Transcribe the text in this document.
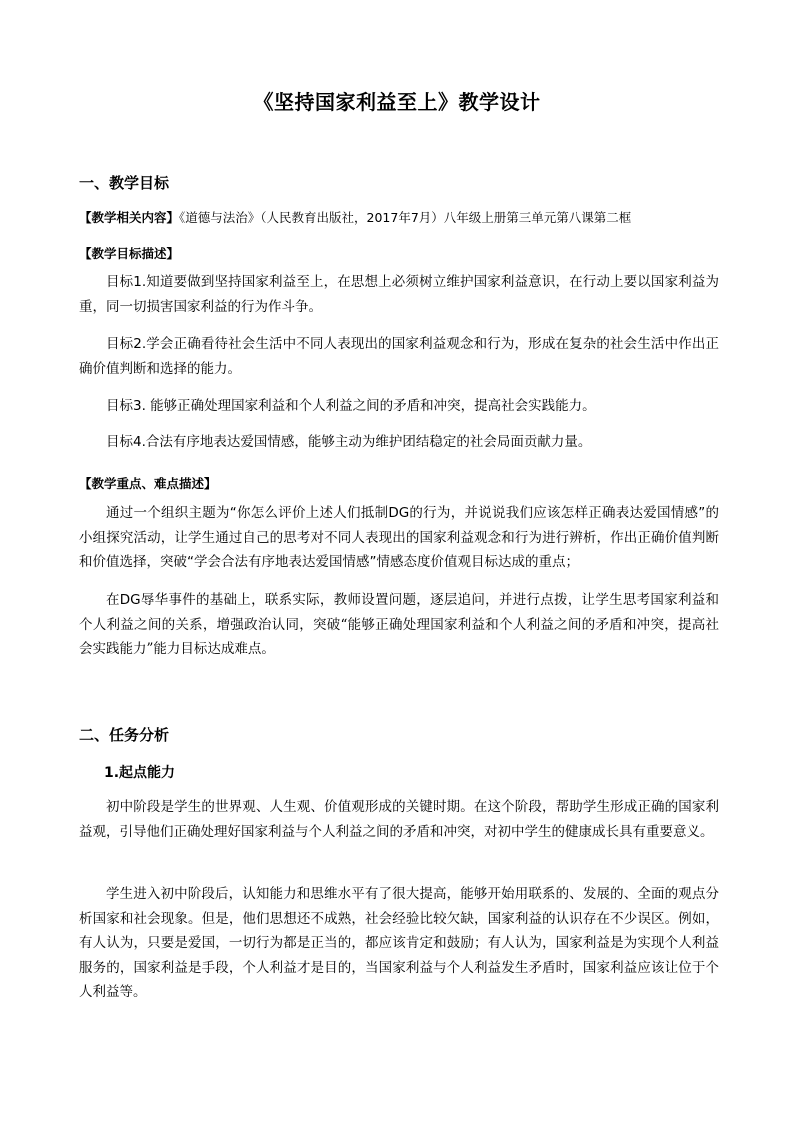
《坚持国家利益至上》教学设计
一、教学目标
【教学相关内容】《道德与法治》（人民教育出版社，2017年7月）八年级上册第三单元第八课第二框
【教学目标描述】

目标1.知道要做到坚持国家利益至上，在思想上必须树立维护国家利益意识，在行动上要以国家利益为重，同一切损害国家利益的行为作斗争。

目标2.学会正确看待社会生活中不同人表现出的国家利益观念和行为，形成在复杂的社会生活中作出正确价值判断和选择的能力。

目标3. 能够正确处理国家利益和个人利益之间的矛盾和冲突，提高社会实践能力。

目标4.合法有序地表达爱国情感，能够主动为维护团结稳定的社会局面贡献力量。

【教学重点、难点描述】

通过一个组织主题为“你怎么评价上述人们抵制DG的行为，并说说我们应该怎样正确表达爱国情感”的小组探究活动，让学生通过自己的思考对不同人表现出的国家利益观念和行为进行辨析，作出正确价值判断和价值选择，突破“学会合法有序地表达爱国情感”情感态度价值观目标达成的重点；

在DG辱华事件的基础上，联系实际，教师设置问题，逐层追问，并进行点拨，让学生思考国家利益和个人利益之间的关系，增强政治认同，突破“能够正确处理国家利益和个人利益之间的矛盾和冲突，提高社会实践能力”能力目标达成难点。

二、任务分析
1.起点能力

初中阶段是学生的世界观、人生观、价值观形成的关键时期。在这个阶段，帮助学生形成正确的国家利益观，引导他们正确处理好国家利益与个人利益之间的矛盾和冲突，对初中学生的健康成长具有重要意义。

学生进入初中阶段后，认知能力和思维水平有了很大提高，能够开始用联系的、发展的、全面的观点分析国家和社会现象。但是，他们思想还不成熟，社会经验比较欠缺，国家利益的认识存在不少误区。例如，有人认为，只要是爱国，一切行为都是正当的，都应该肯定和鼓励；有人认为，国家利益是为实现个人利益服务的，国家利益是手段，个人利益才是目的，当国家利益与个人利益发生矛盾时，国家利益应该让位于个人利益等。
